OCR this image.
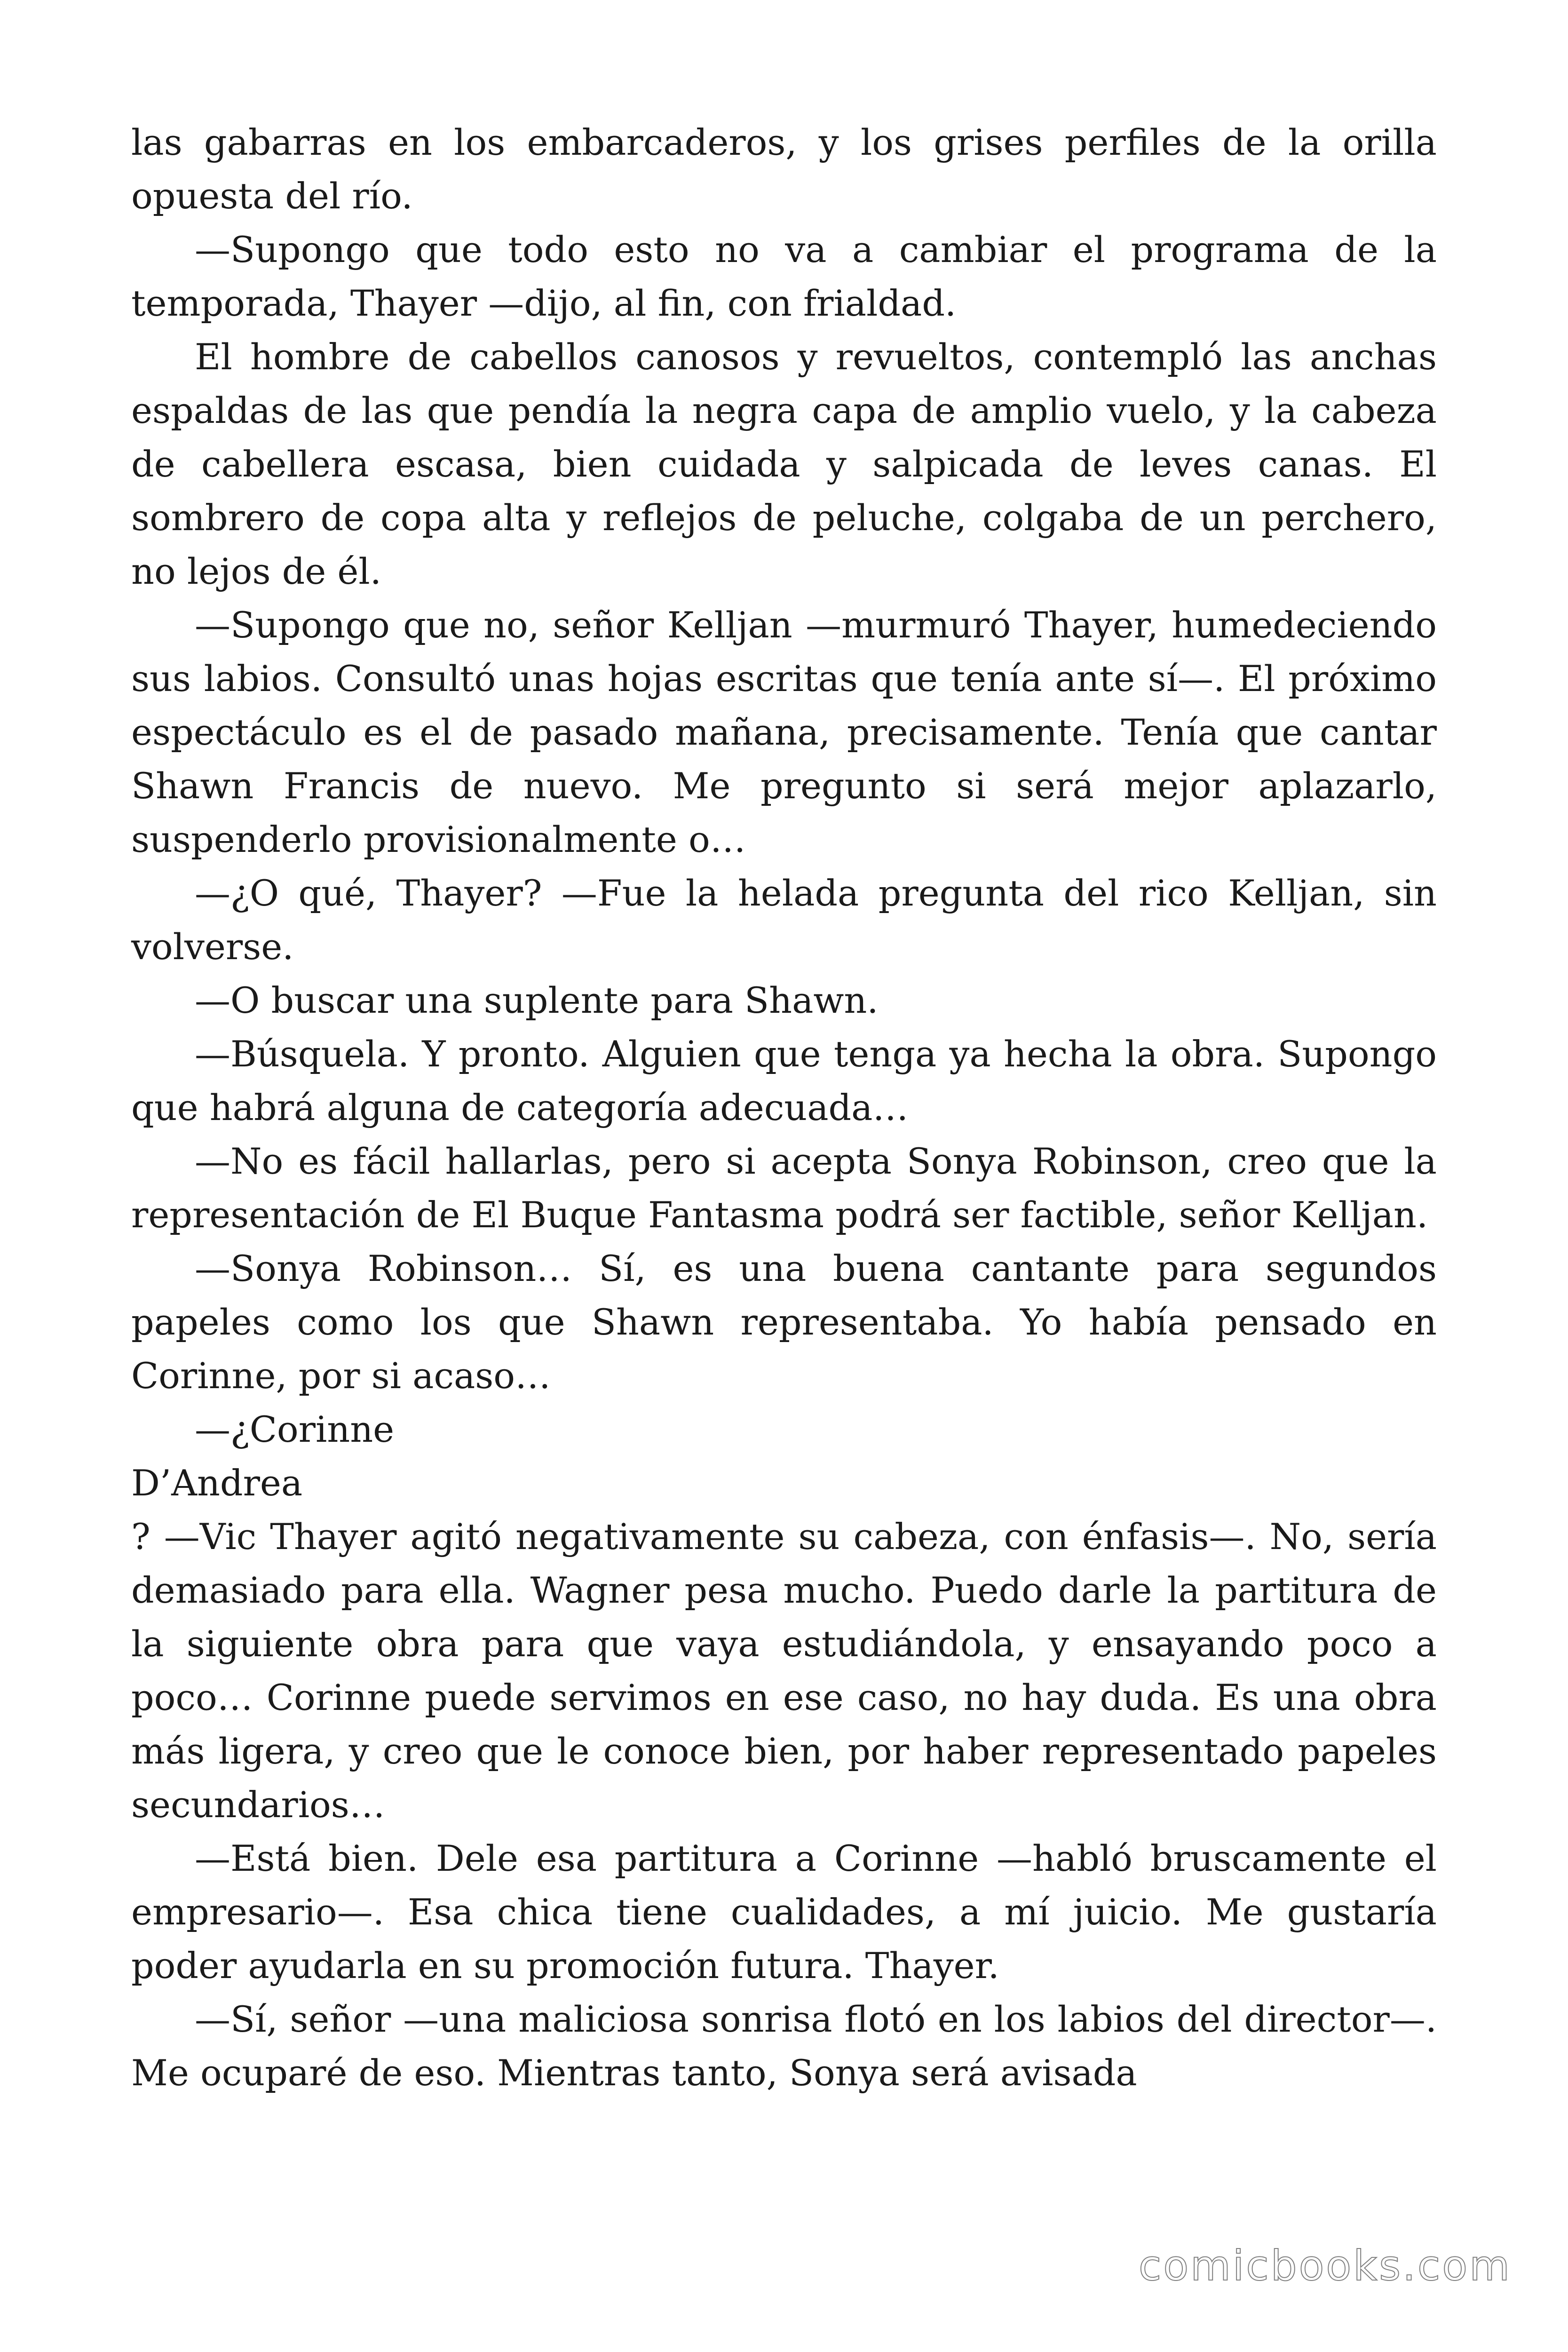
las gabarras en los embarcaderos, y los grises perfiles de la orilla opuesta del río.

—Supongo que todo esto no va a cambiar el programa de la temporada, Thayer —dijo, al fin, con frialdad.

El hombre de cabellos canosos y revueltos, contempló las anchas espaldas de las que pendía la negra capa de amplio vuelo, y la cabeza de cabellera escasa, bien cuidada y salpicada de leves canas. El sombrero de copa alta y reflejos de peluche, colgaba de un perchero, no lejos de él.

—Supongo que no, señor Kelljan —murmuró Thayer, humedeciendo sus labios. Consultó unas hojas escritas que tenía ante sí—. El próximo espectáculo es el de pasado mañana, precisamente. Tenía que cantar Shawn Francis de nuevo. Me pregunto si será mejor aplazarlo, suspenderlo provisionalmente o…

—¿O qué, Thayer? —Fue la helada pregunta del rico Kelljan, sin volverse.

—O buscar una suplente para Shawn.

—Búsquela. Y pronto. Alguien que tenga ya hecha la obra. Supongo que habrá alguna de categoría adecuada…

—No es fácil hallarlas, pero si acepta Sonya Robinson, creo que la representación de El Buque Fantasma podrá ser factible, señor Kelljan.

—Sonya Robinson… Sí, es una buena cantante para segundos papeles como los que Shawn representaba. Yo había pensado en Corinne, por si acaso…

—¿Corinne

D’Andrea

? —Vic Thayer agitó negativamente su cabeza, con énfasis—. No, sería demasiado para ella. Wagner pesa mucho. Puedo darle la partitura de la siguiente obra para que vaya estudiándola, y ensayando poco a poco… Corinne puede servimos en ese caso, no hay duda. Es una obra más ligera, y creo que le conoce bien, por haber representado papeles secundarios…

—Está bien. Dele esa partitura a Corinne —habló bruscamente el empresario—. Esa chica tiene cualidades, a mí juicio. Me gustaría poder ayudarla en su promoción futura. Thayer.

—Sí, señor —una maliciosa sonrisa flotó en los labios del director—. Me ocuparé de eso. Mientras tanto, Sonya será avisada

comicbooks.com
